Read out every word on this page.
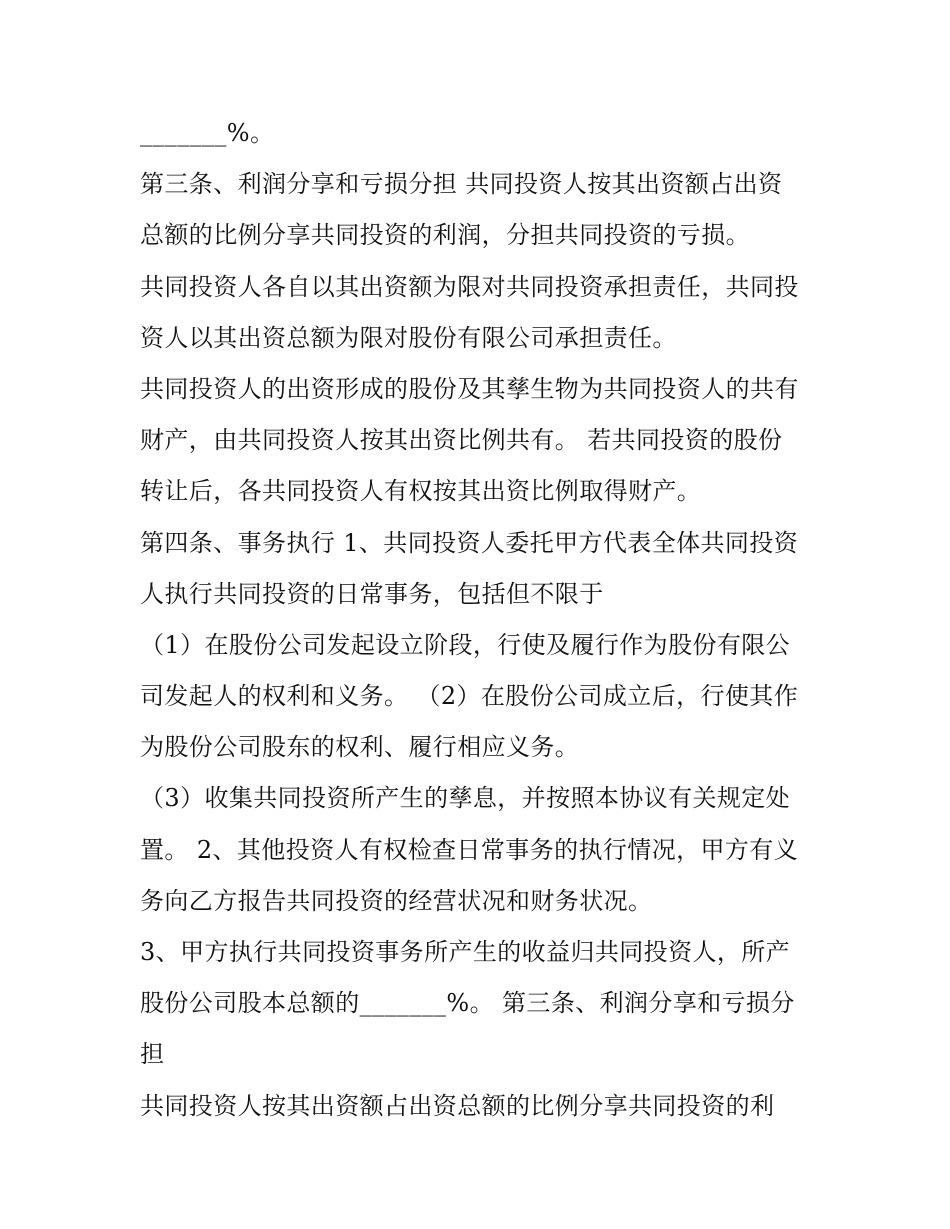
_______%。
第三条、利润分享和亏损分担 共同投资人按其出资额占出资
总额的比例分享共同投资的利润，分担共同投资的亏损。
共同投资人各自以其出资额为限对共同投资承担责任，共同投
资人以其出资总额为限对股份有限公司承担责任。
共同投资人的出资形成的股份及其孳生物为共同投资人的共有
财产，由共同投资人按其出资比例共有。 若共同投资的股份
转让后，各共同投资人有权按其出资比例取得财产。
第四条、事务执行 1、共同投资人委托甲方代表全体共同投资
人执行共同投资的日常事务，包括但不限于
（1）在股份公司发起设立阶段，行使及履行作为股份有限公
司发起人的权利和义务。 （2）在股份公司成立后，行使其作
为股份公司股东的权利、履行相应义务。
（3）收集共同投资所产生的孳息，并按照本协议有关规定处
置。 2、其他投资人有权检查日常事务的执行情况，甲方有义
务向乙方报告共同投资的经营状况和财务状况。
3、甲方执行共同投资事务所产生的收益归共同投资人，所产
股份公司股本总额的_______%。 第三条、利润分享和亏损分
担
共同投资人按其出资额占出资总额的比例分享共同投资的利
